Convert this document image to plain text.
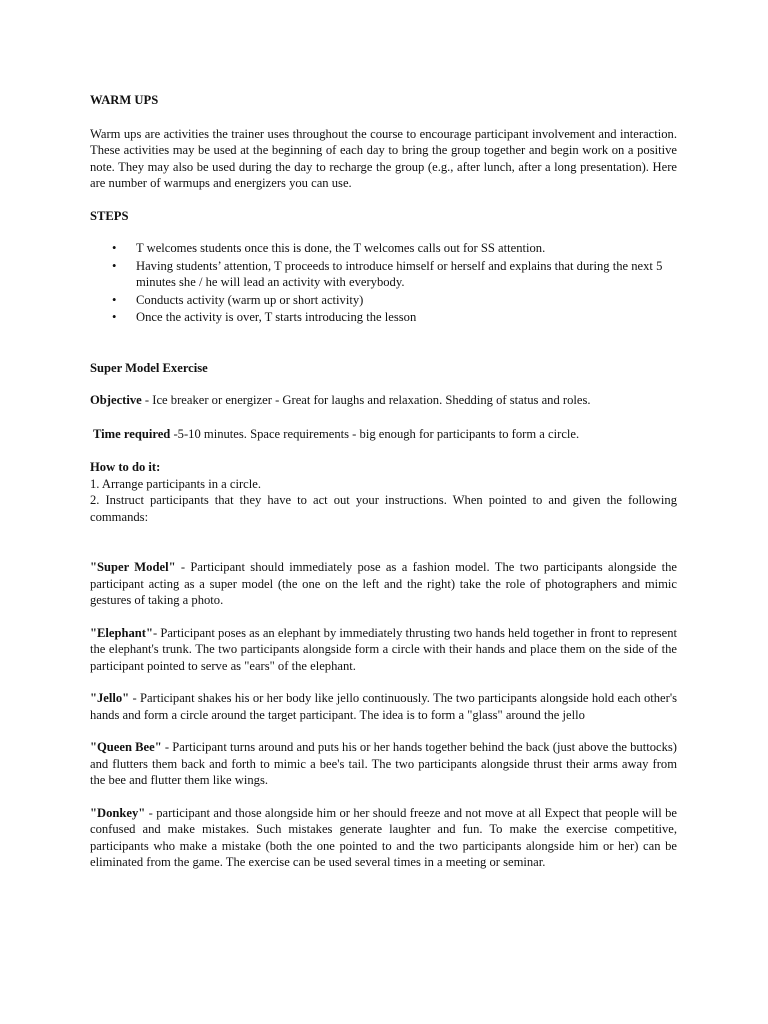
WARM UPS

Warm ups are activities the trainer uses throughout the course to encourage participant involvement and interaction. These activities may be used at the beginning of each day to bring the group together and begin work on a positive note. They may also be used during the day to recharge the group (e.g., after lunch, after a long presentation). Here are number of warmups and energizers you can use.

STEPS

• T welcomes students once this is done, the T welcomes calls out for SS attention.
• Having students’ attention, T proceeds to introduce himself or herself and explains that during the next 5 minutes she / he will lead an activity with everybody.
• Conducts activity (warm up or short activity)
• Once the activity is over, T starts introducing the lesson

Super Model Exercise

Objective - Ice breaker or energizer - Great for laughs and relaxation. Shedding of status and roles.

Time required -5-10 minutes. Space requirements - big enough for participants to form a circle.

How to do it:
1. Arrange participants in a circle.
2. Instruct participants that they have to act out your instructions. When pointed to and given the following commands:

"Super Model" - Participant should immediately pose as a fashion model. The two participants alongside the participant acting as a super model (the one on the left and the right) take the role of photographers and mimic gestures of taking a photo.

"Elephant"- Participant poses as an elephant by immediately thrusting two hands held together in front to represent the elephant's trunk. The two participants alongside form a circle with their hands and place them on the side of the participant pointed to serve as "ears" of the elephant.

"Jello" - Participant shakes his or her body like jello continuously. The two participants alongside hold each other's hands and form a circle around the target participant. The idea is to form a "glass" around the jello

"Queen Bee" - Participant turns around and puts his or her hands together behind the back (just above the buttocks) and flutters them back and forth to mimic a bee's tail. The two participants alongside thrust their arms away from the bee and flutter them like wings.

"Donkey" - participant and those alongside him or her should freeze and not move at all Expect that people will be confused and make mistakes. Such mistakes generate laughter and fun. To make the exercise competitive, participants who make a mistake (both the one pointed to and the two participants alongside him or her) can be eliminated from the game. The exercise can be used several times in a meeting or seminar.
